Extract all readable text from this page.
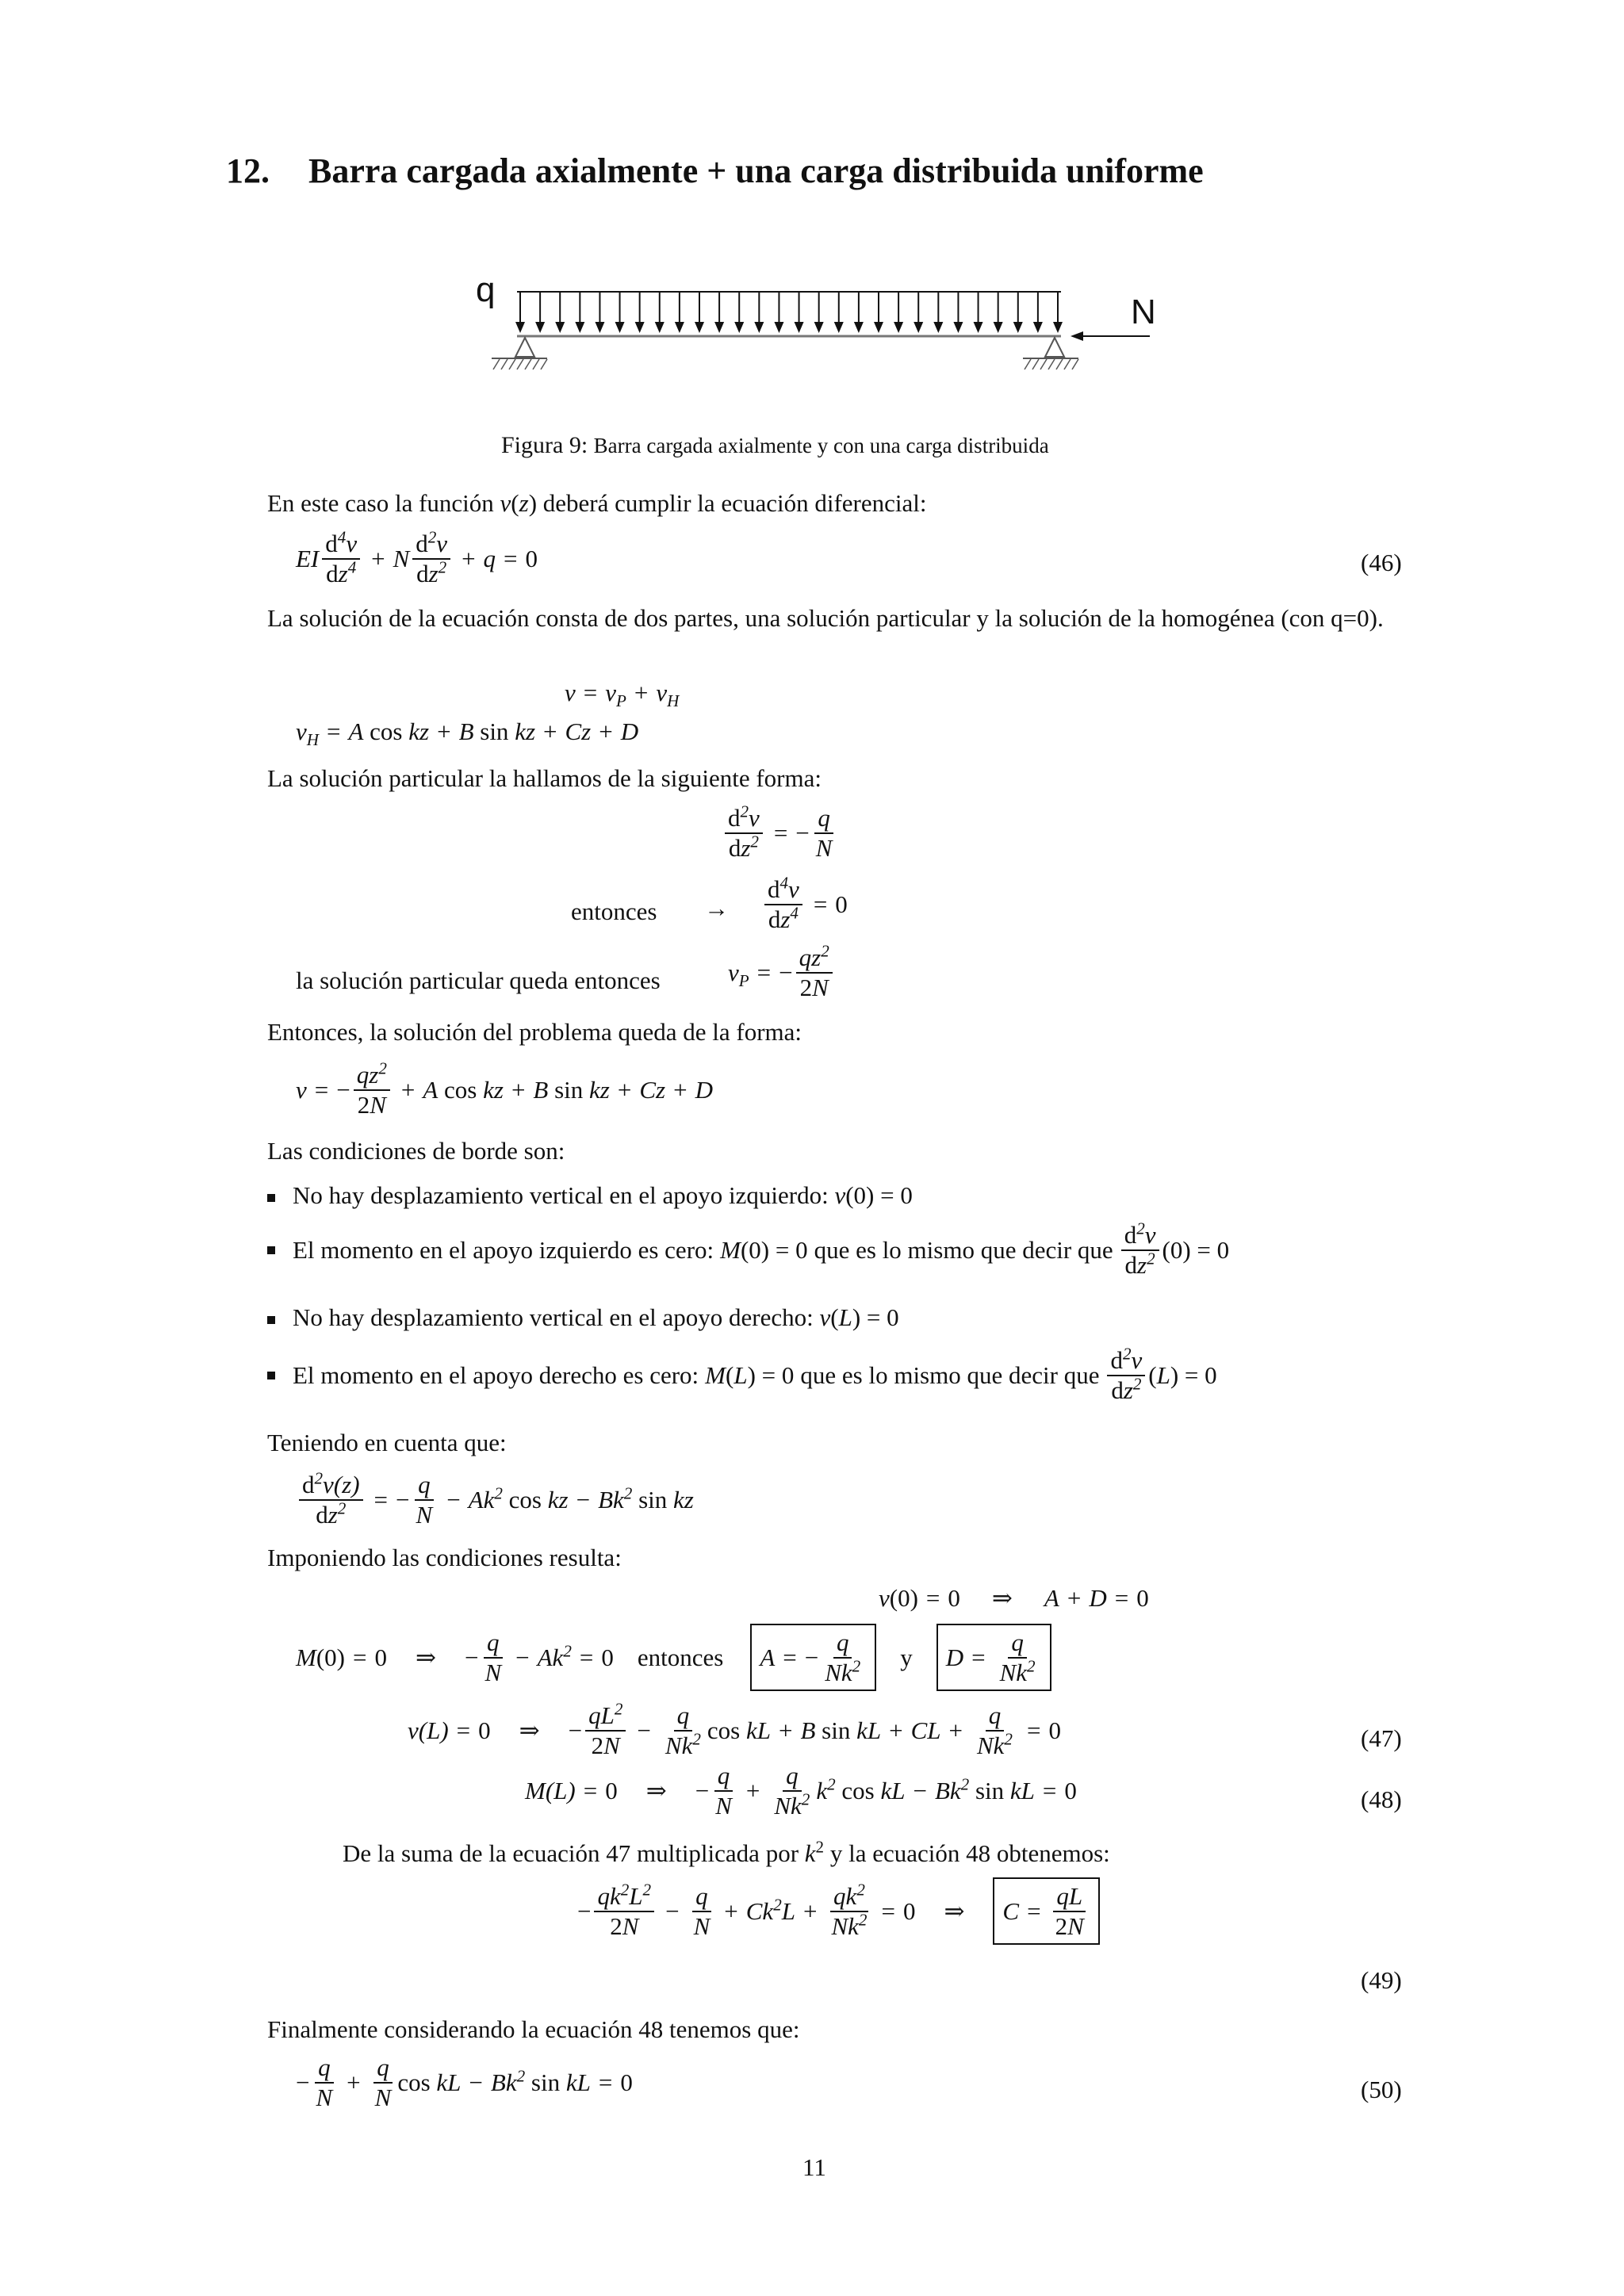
12. Barra cargada axialmente + una carga distribuida uniforme
q
N
Figura 9: Barra cargada axialmente y con una carga distribuida
En este caso la función v(z) deberá cumplir la ecuación diferencial:
EI $\frac{d^4v}{dz^4} + N \frac{d^2v}{dz^2} + q = 0$	(46)
La solución de la ecuación consta de dos partes, una solución particular y la solución de la homogénea (con q=0).
$v = v_P + v_H$
$v_H = A$ cos kz + B sin kz + Cz + D
La solución particular la hallamos de la siguiente forma:
$\frac{d^2v}{dz^2}$ = − $\frac{q}{N}$
entonces → $\frac{d^4v}{dz^4} = 0$
la solución particular queda entonces	$v_P$ = − $\frac{qz^2}{2N}$
Entonces, la solución del problema queda de la forma:
v = − $\frac{qz^2}{2N} + A$ cos kz + B sin kz + Cz + D
Las condiciones de borde son:
No hay desplazamiento vertical en el apoyo izquierdo: v(0) = 0
El momento en el apoyo izquierdo es cero: M(0) = 0 que es lo mismo que decir que $\frac{d^2v}{dz^2} (0) = 0$
No hay desplazamiento vertical en el apoyo derecho: v(L) = 0
El momento en el apoyo derecho es cero: M(L) = 0 que es lo mismo que decir que $\frac{d^2v}{dz^2} (L) = 0$
Teniendo en cuenta que:
$\frac{d^2v(z)}{dz^2}$ = − $\frac{q}{N} - Ak^2$ cos kz − $Bk^2$ sin kz
Imponiendo las condiciones resulta:
v (0) = 0 ⇒ A + D = 0
M (0) = 0 ⇒ − $\frac{q}{N} - Ak^2 = 0$ entonces A = − $\frac{q}{Nk^2}$ y $D = \frac{q}{Nk^2}$
v ( L ) = 0 ⇒ − $\frac{qL^2}{2N} - \frac{q}{Nk^2}$ cos kL + B sin kL + CL + $\frac{q}{Nk^2} = 0$	(47)
M ( L ) = 0 ⇒ − $\frac{q}{N} + \frac{q}{Nk^2} k^2$ cos kL − $Bk^2$ sin kL = 0	(48)
De la suma de la ecuación 47 multiplicada por $k^2$ y la ecuación 48 obtenemos:
− $\frac{qk^2L^2}{2N} - \frac{q}{N} + Ck^2L + \frac{qk^2}{Nk^2} = 0$ ⇒ $C = \frac{qL}{2N}$
(49)
Finalmente considerando la ecuación 48 tenemos que:
− $\frac{q}{N} + \frac{q}{N}$ cos kL − $Bk^2$ sin kL = 0	(50)
11
